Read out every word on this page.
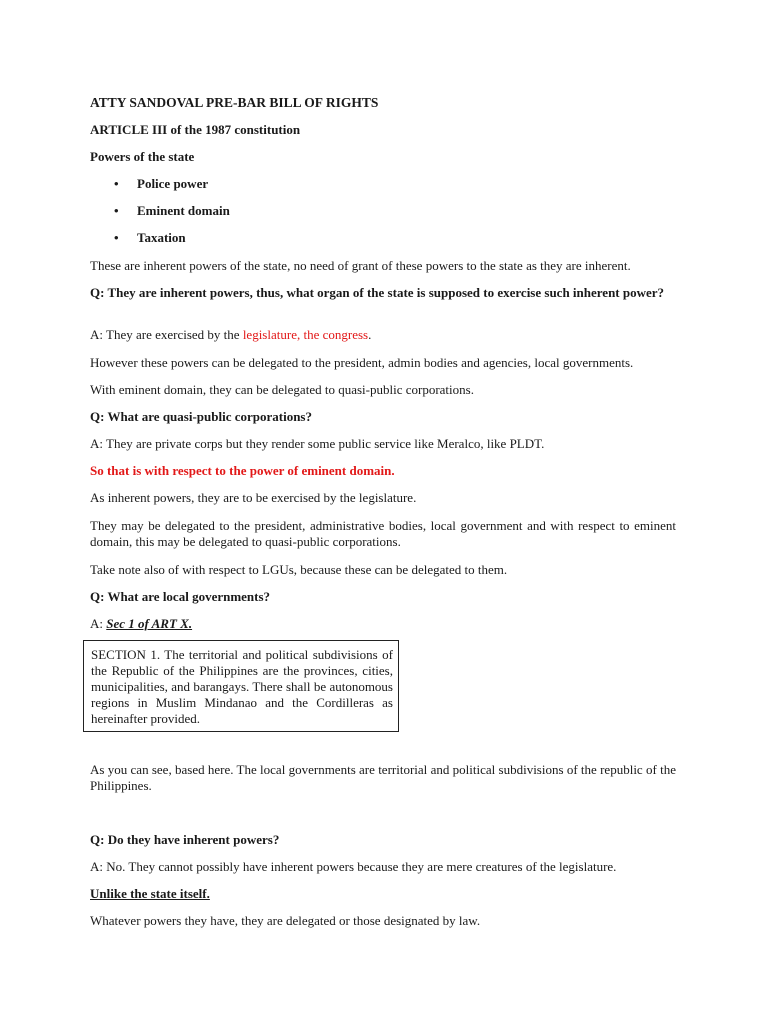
ATTY SANDOVAL PRE-BAR BILL OF RIGHTS

ARTICLE III of the 1987 constitution

Powers of the state

• Police power
• Eminent domain
• Taxation

These are inherent powers of the state, no need of grant of these powers to the state as they are inherent.

Q: They are inherent powers, thus, what organ of the state is supposed to exercise such inherent power?

A: They are exercised by the legislature, the congress.

However these powers can be delegated to the president, admin bodies and agencies, local governments.

With eminent domain, they can be delegated to quasi-public corporations.

Q: What are quasi-public corporations?

A: They are private corps but they render some public service like Meralco, like PLDT.

So that is with respect to the power of eminent domain.

As inherent powers, they are to be exercised by the legislature.

They may be delegated to the president, administrative bodies, local government and with respect to eminent domain, this may be delegated to quasi-public corporations.

Take note also of with respect to LGUs, because these can be delegated to them.

Q: What are local governments?

A: Sec 1 of ART X.

SECTION 1. The territorial and political subdivisions of the Republic of the Philippines are the provinces, cities, municipalities, and barangays. There shall be autonomous regions in Muslim Mindanao and the Cordilleras as hereinafter provided.

As you can see, based here. The local governments are territorial and political subdivisions of the republic of the Philippines.

Q: Do they have inherent powers?

A: No. They cannot possibly have inherent powers because they are mere creatures of the legislature.

Unlike the state itself.

Whatever powers they have, they are delegated or those designated by law.
